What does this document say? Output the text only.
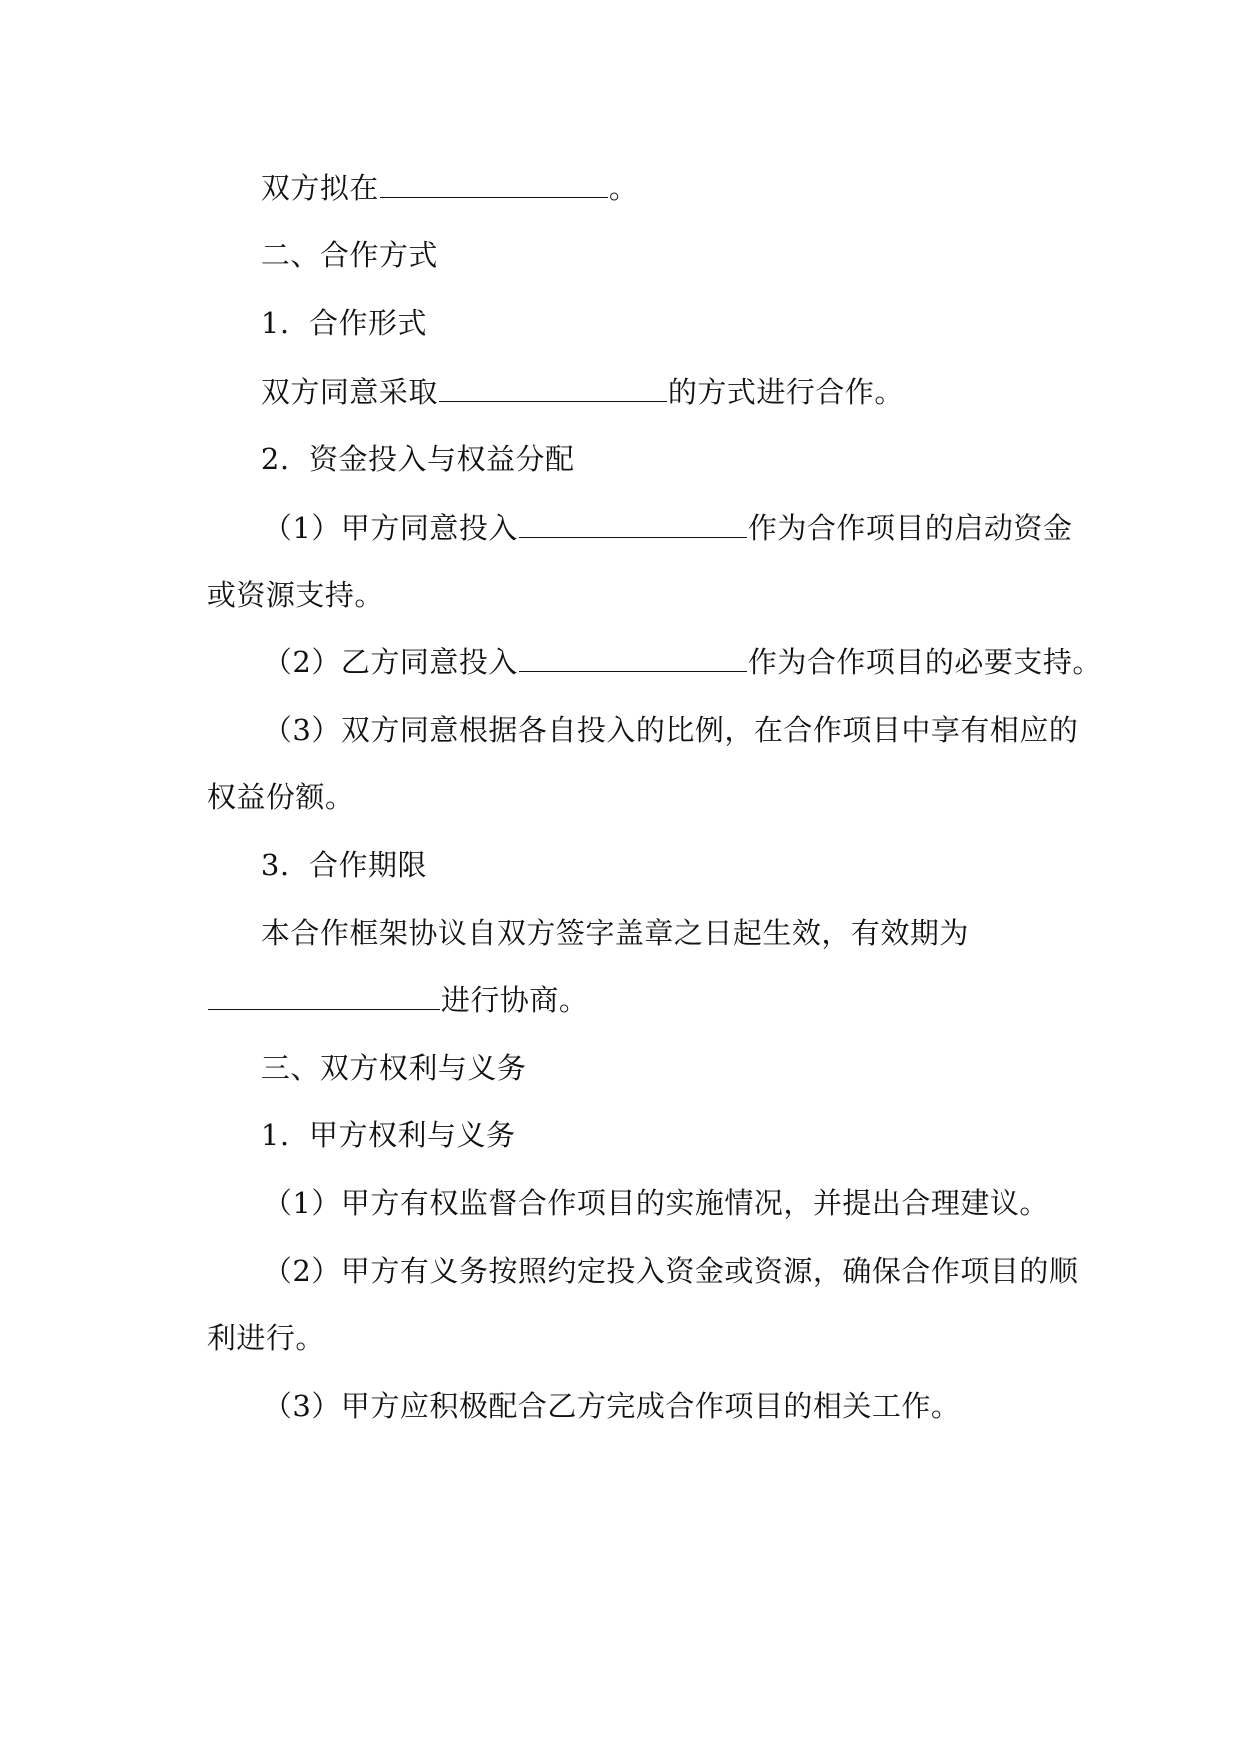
双方拟在	。

二、合作方式

1.  合作形式

双方同意采取	的方式进行合作。

2.  资金投入与权益分配

（1）甲方同意投入	作为合作项目的启动资金

或资源支持。

（2）乙方同意投入	作为合作项目的必要支持。

（3）双方同意根据各自投入的比例，在合作项目中享有相应的

权益份额。

3.  合作期限

本合作框架协议自双方签字盖章之日起生效，有效期为

进行协商。

三、双方权利与义务

1.  甲方权利与义务

（1）甲方有权监督合作项目的实施情况，并提出合理建议。

（2）甲方有义务按照约定投入资金或资源，确保合作项目的顺

利进行。

（3）甲方应积极配合乙方完成合作项目的相关工作。
